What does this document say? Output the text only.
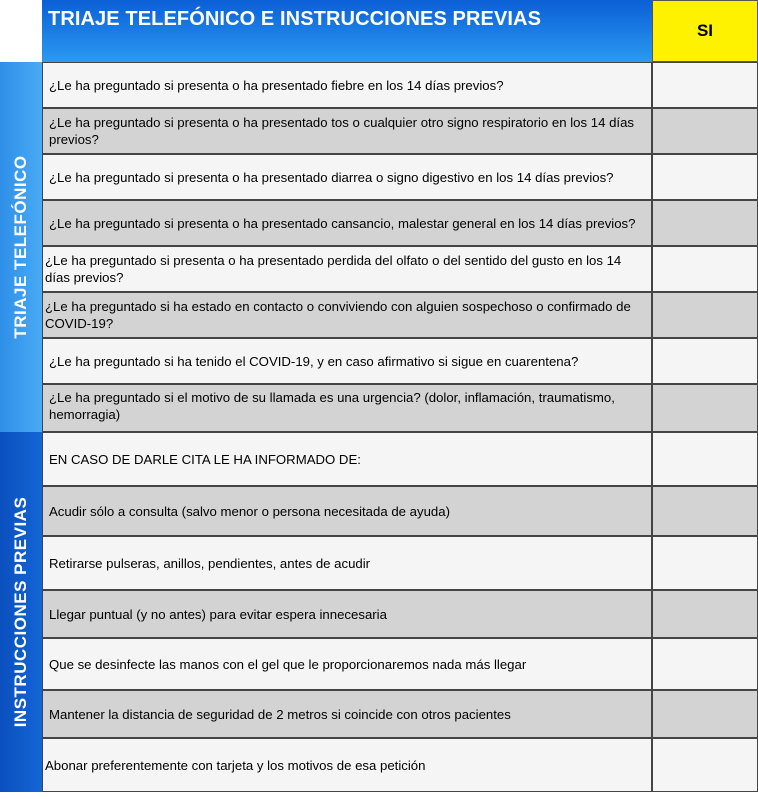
TRIAJE TELEFÓNICO E INSTRUCCIONES PREVIAS
SI
TRIAJE TELEFÓNICO
INSTRUCCIONES PREVIAS
¿Le ha preguntado si presenta o ha presentado fiebre en los 14 días previos?
¿Le ha preguntado si presenta o ha presentado tos o cualquier otro signo respiratorio en los 14 días previos?
¿Le ha preguntado si presenta o ha presentado diarrea o signo digestivo en los 14 días previos?
¿Le ha preguntado si presenta o ha presentado cansancio, malestar general en los 14 días previos?
¿Le ha preguntado si presenta o ha presentado perdida del olfato o del sentido del gusto en los 14 días previos?
¿Le ha preguntado si ha estado en contacto o conviviendo con alguien sospechoso o confirmado de COVID-19?
¿Le ha preguntado si ha tenido el COVID-19, y en caso afirmativo si sigue en cuarentena?
¿Le ha preguntado si el motivo de su llamada es una urgencia? (dolor, inflamación, traumatismo, hemorragia)
EN CASO DE DARLE CITA LE HA INFORMADO DE:
Acudir sólo a consulta (salvo menor o persona necesitada de ayuda)
Retirarse pulseras, anillos, pendientes, antes de acudir
Llegar puntual (y no antes) para evitar espera innecesaria
Que se desinfecte las manos con el gel que le proporcionaremos nada más llegar
Mantener la distancia de seguridad de 2 metros si coincide con otros pacientes
Abonar preferentemente con tarjeta y los motivos de esa petición
